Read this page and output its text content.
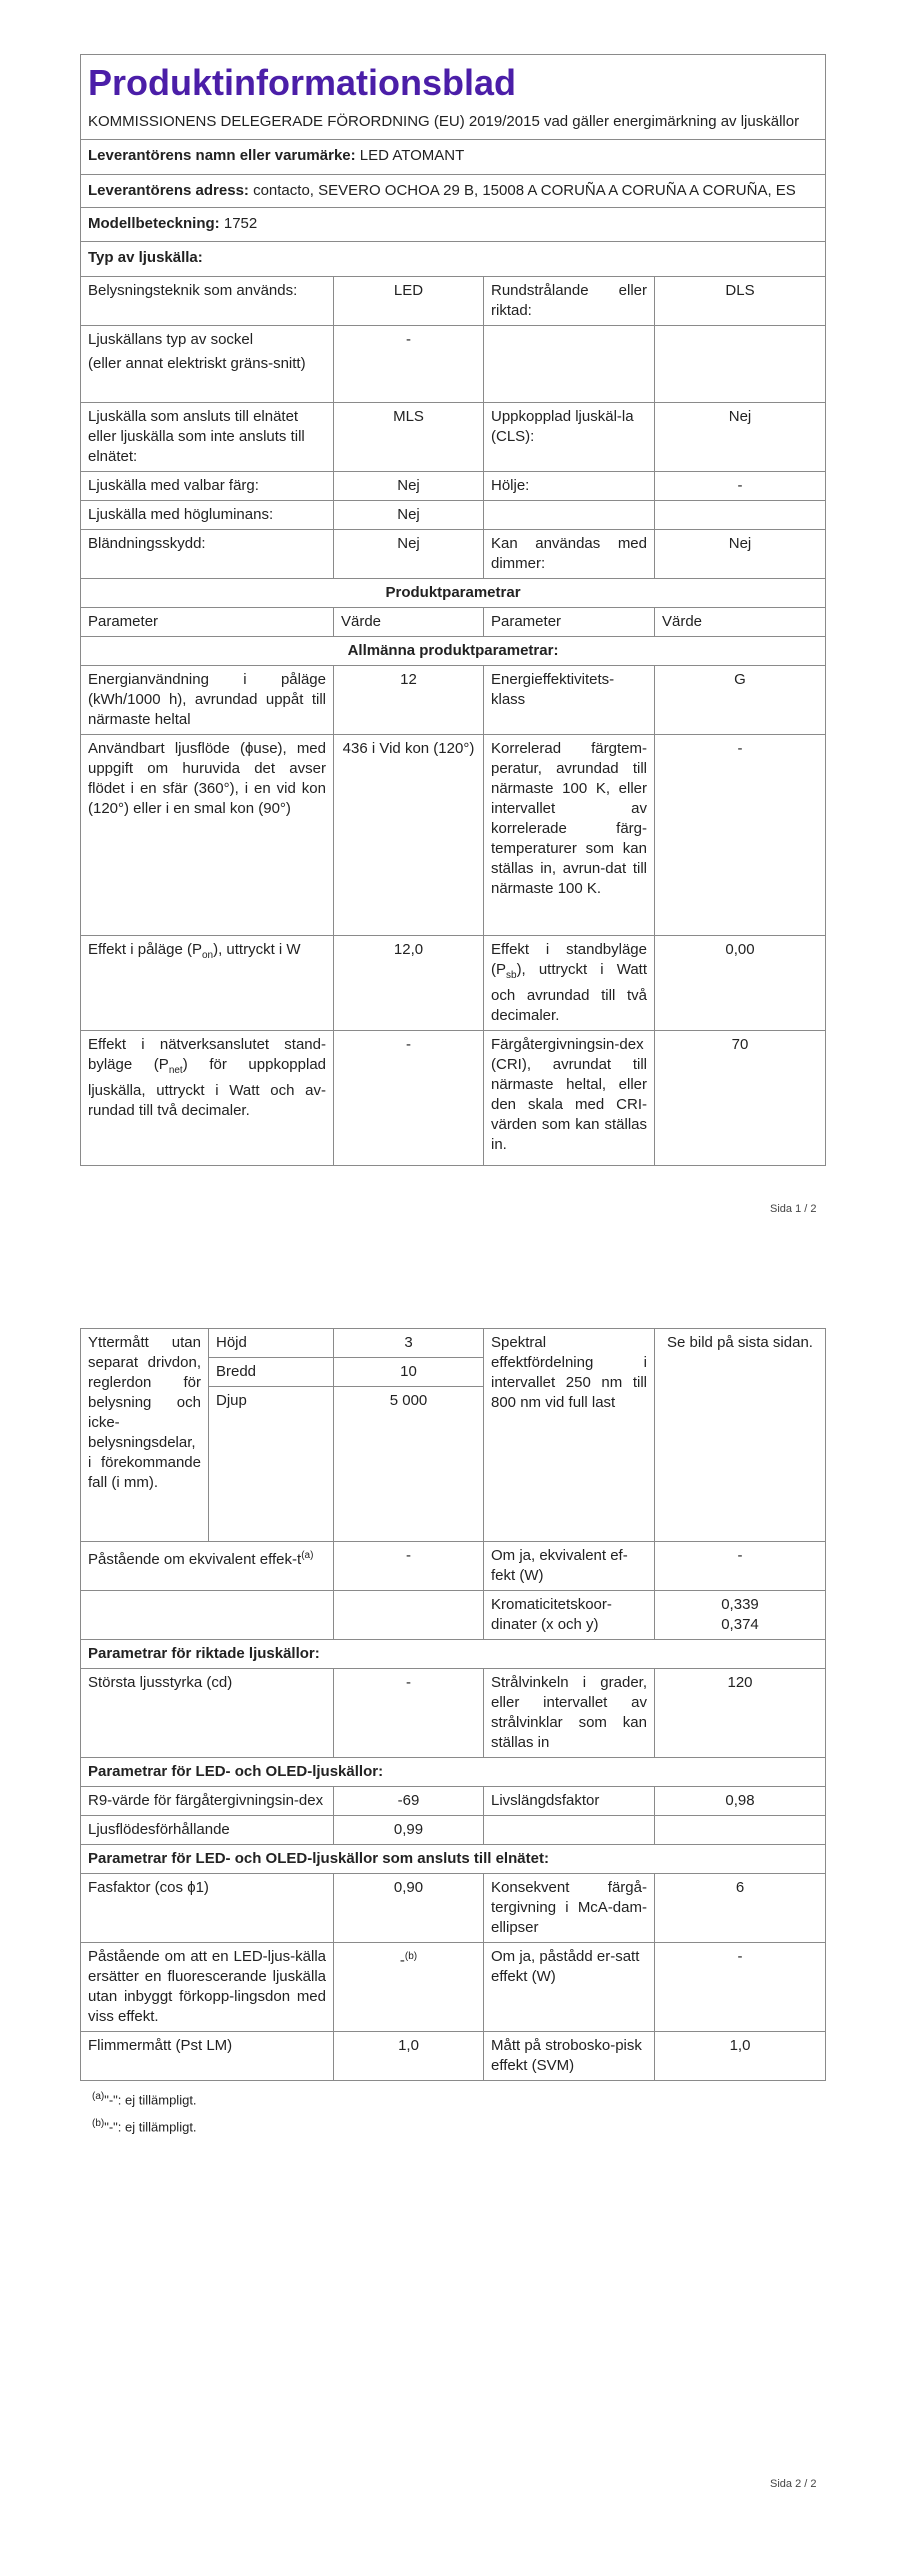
Produktinformationsblad
KOMMISSIONENS DELEGERADE FÖRORDNING (EU) 2019/2015 vad gäller energimärkning av ljuskällor			

Leverantörens namn eller varumärke: LED ATOMANT			
Leverantörens adress: contacto, SEVERO OCHOA 29 B, 15008 A CORUÑA A CORUÑA A CORUÑA, ES			
Modellbeteckning: 1752			
Typ av ljuskälla:			
Belysningsteknik som används:	LED	Rundstrålande eller riktad:	DLS

Ljuskällans typ av sockel
(eller annat elektriskt gräns-snitt)	-		
Ljuskälla som ansluts till elnätet eller ljuskälla som inte ansluts till elnätet:	MLS	Uppkopplad ljuskäl-la (CLS):	Nej
Ljuskälla med valbar färg:	Nej	Hölje:	-
Ljuskälla med högluminans:	Nej		
Bländningsskydd:	Nej	Kan användas med dimmer:	Nej
Produktparametrar			
Parameter	Värde	Parameter	Värde
Allmänna produktparametrar:			
Energianvändning i påläge (kWh/1000 h), avrundad uppåt till närmaste heltal	12	Energieffektivitets-klass	G
Användbart ljusflöde (ϕuse), med uppgift om huruvida det avser flödet i en sfär (360°), i en vid kon (120°) eller i en smal kon (90°)	436 i Vid kon (120°)	Korrelerad färgtem-peratur, avrundad till närmaste 100 K, eller intervallet av korrelerade färg-temperaturer som kan ställas in, avrun-dat till närmaste 100 K.	-
Effekt i påläge $(P_{on})$, uttryckt i W	12,0	Effekt i standbyläge $(P_{sb})$, uttryckt i Watt och avrundad till två decimaler.	0,00
Effekt i nätverksanslutet stand-byläge $(P_{net})$ för uppkopplad ljuskälla, uttryckt i Watt och av-rundad till två decimaler.	-	Färgåtergivningsin-dex (CRI), avrundat till närmaste heltal, eller den skala med CRI-värden som kan ställas in.	70
Sida 1 / 2
Yttermått utan separat drivdon, reglerdon för belysning och icke-belysningsdelar, i förekommande fall (i mm).	Höjd	3	Spektral effektfördelning i intervallet 250 nm till 800 nm vid full last	Se bild på sista sidan.
	Bredd	10		
	Djup	5 000		

Påstående om ekvivalent effek-$t^{(a)}$		-	Om ja, ekvivalent ef-fekt (W)	-
			Kromaticitetskoor-dinater (x och y)	0,339
0,374

Parametrar för riktade ljuskällor:				
Största ljusstyrka (cd)		-	Strålvinkeln i grader, eller intervallet av strålvinklar som kan ställas in	120
Parametrar för LED- och OLED-ljuskällor:				
R9-värde för färgåtergivningsin-dex		-69	Livslängdsfaktor	0,98
Ljusflödesförhållande		0,99		
Parametrar för LED- och OLED-ljuskällor som ansluts till elnätet:				
Fasfaktor (cos ϕ1)		0,90	Konsekvent färgå-tergivning i McA-dam-ellipser	6
Påstående om att en LED-ljus-källa ersätter en fluorescerande ljuskälla utan inbyggt förkopp-lingsdon med viss effekt.		-$^{(b)}$	Om ja, påstådd er-satt effekt (W)	-
Flimmermått (Pst LM)		1,0	Mått på strobosko-pisk effekt (SVM)	1,0
$^{(a)}$"-": ej tillämpligt.
$^{(b)}$"-": ej tillämpligt.
Sida 2 / 2
